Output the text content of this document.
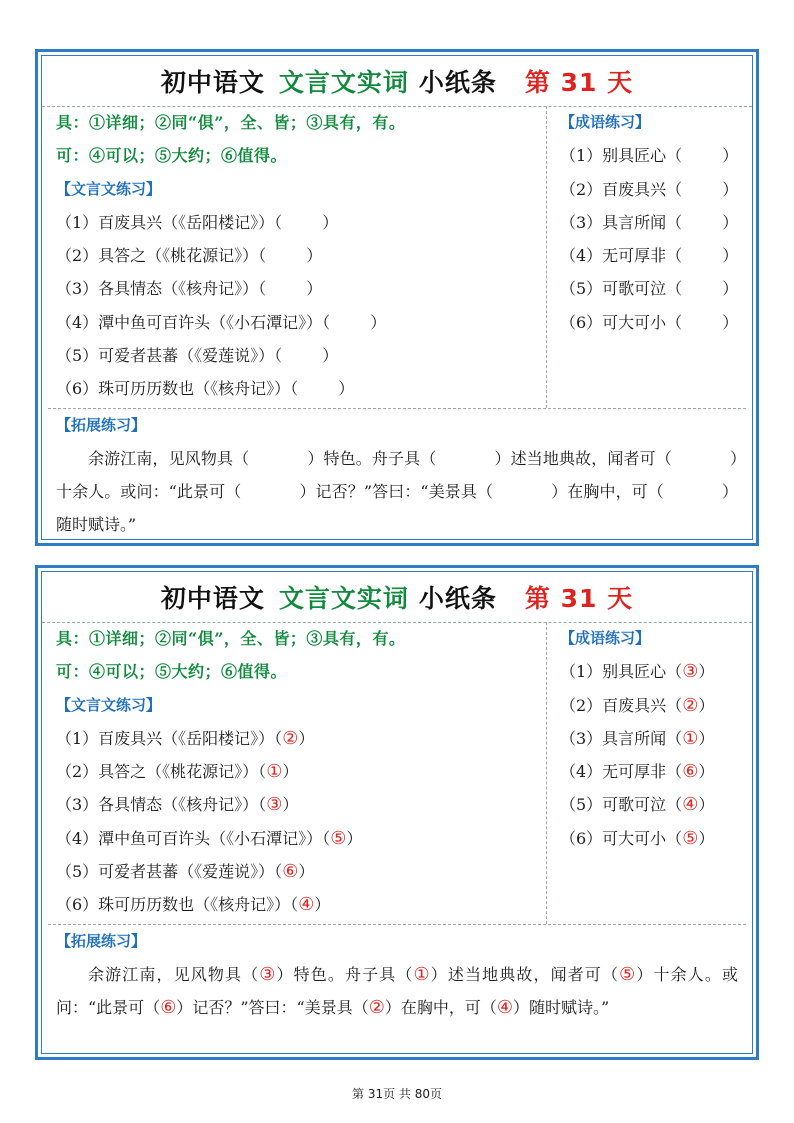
初中语文 文言文实词 小纸条 第 31 天
具：①详细；②同“俱”，全、皆；③具有，有。
可：④可以；⑤大约；⑥值得。
【文言文练习】
（1）百废具兴（《岳阳楼记》）（	）
（2）具答之（《桃花源记》）（	）
（3）各具情态（《核舟记》）（	）
（4）潭中鱼可百许头（《小石潭记》）（	）
（5）可爱者甚蕃（《爱莲说》）（	）
（6）珠可历历数也（《核舟记》）（	）
【成语练习】
（1）别具匠心（	）
（2）百废具兴（	）
（3）具言所闻（	）
（4）无可厚非（	）
（5）可歌可泣（	）
（6）可大可小（	）
【拓展练习】
余游江南，见风物具（	）特色。舟子具（	）述当地典故，闻者可（	）十余人。或问：“此景可（	）记否？”答曰：“美景具（	）在胸中，可（	）随时赋诗。”
初中语文 文言文实词 小纸条 第 31 天
具：①详细；②同“俱”，全、皆；③具有，有。
可：④可以；⑤大约；⑥值得。
【文言文练习】
（1）百废具兴（《岳阳楼记》）（②）
（2）具答之（《桃花源记》）（①）
（3）各具情态（《核舟记》）（③）
（4）潭中鱼可百许头（《小石潭记》）（⑤）
（5）可爱者甚蕃（《爱莲说》）（⑥）
（6）珠可历历数也（《核舟记》）（④）
【成语练习】
（1）别具匠心（③）
（2）百废具兴（②）
（3）具言所闻（①）
（4）无可厚非（⑥）
（5）可歌可泣（④）
（6）可大可小（⑤）
【拓展练习】
余游江南，见风物具（③）特色。舟子具（①）述当地典故，闻者可（⑤）十余人。或问：“此景可（⑥）记否？”答曰：“美景具（②）在胸中，可（④）随时赋诗。”
第 31页 共 80页
